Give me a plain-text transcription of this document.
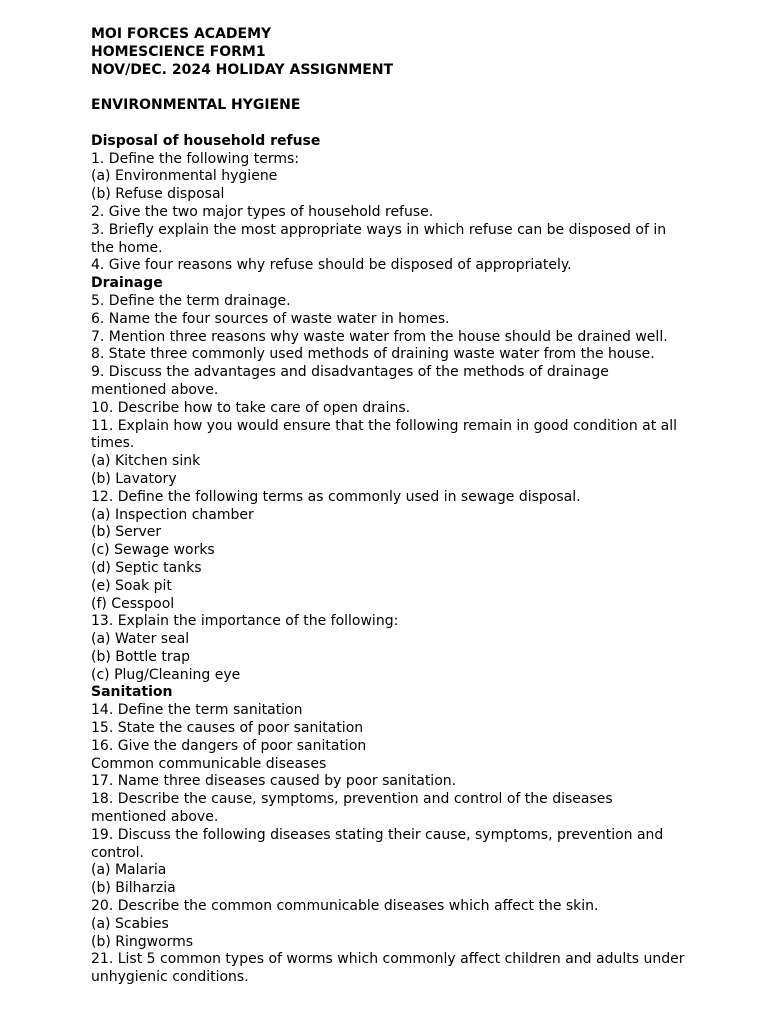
MOI FORCES ACADEMY
HOMESCIENCE FORM1
NOV/DEC. 2024 HOLIDAY ASSIGNMENT
ENVIRONMENTAL HYGIENE
Disposal of household refuse
1. Define the following terms:
(a) Environmental hygiene
(b) Refuse disposal
2. Give the two major types of household refuse.
3. Briefly explain the most appropriate ways in which refuse can be disposed of in
the home.
4. Give four reasons why refuse should be disposed of appropriately.
Drainage
5. Define the term drainage.
6. Name the four sources of waste water in homes.
7. Mention three reasons why waste water from the house should be drained well.
8. State three commonly used methods of draining waste water from the house.
9. Discuss the advantages and disadvantages of the methods of drainage
mentioned above.
10. Describe how to take care of open drains.
11. Explain how you would ensure that the following remain in good condition at all
times.
(a) Kitchen sink
(b) Lavatory
12. Define the following terms as commonly used in sewage disposal.
(a) Inspection chamber
(b) Server
(c) Sewage works
(d) Septic tanks
(e) Soak pit
(f) Cesspool
13. Explain the importance of the following:
(a) Water seal
(b) Bottle trap
(c) Plug/Cleaning eye
Sanitation
14. Define the term sanitation
15. State the causes of poor sanitation
16. Give the dangers of poor sanitation
Common communicable diseases
17. Name three diseases caused by poor sanitation.
18. Describe the cause, symptoms, prevention and control of the diseases
mentioned above.
19. Discuss the following diseases stating their cause, symptoms, prevention and
control.
(a) Malaria
(b) Bilharzia
20. Describe the common communicable diseases which affect the skin.
(a) Scabies
(b) Ringworms
21. List 5 common types of worms which commonly affect children and adults under
unhygienic conditions.
